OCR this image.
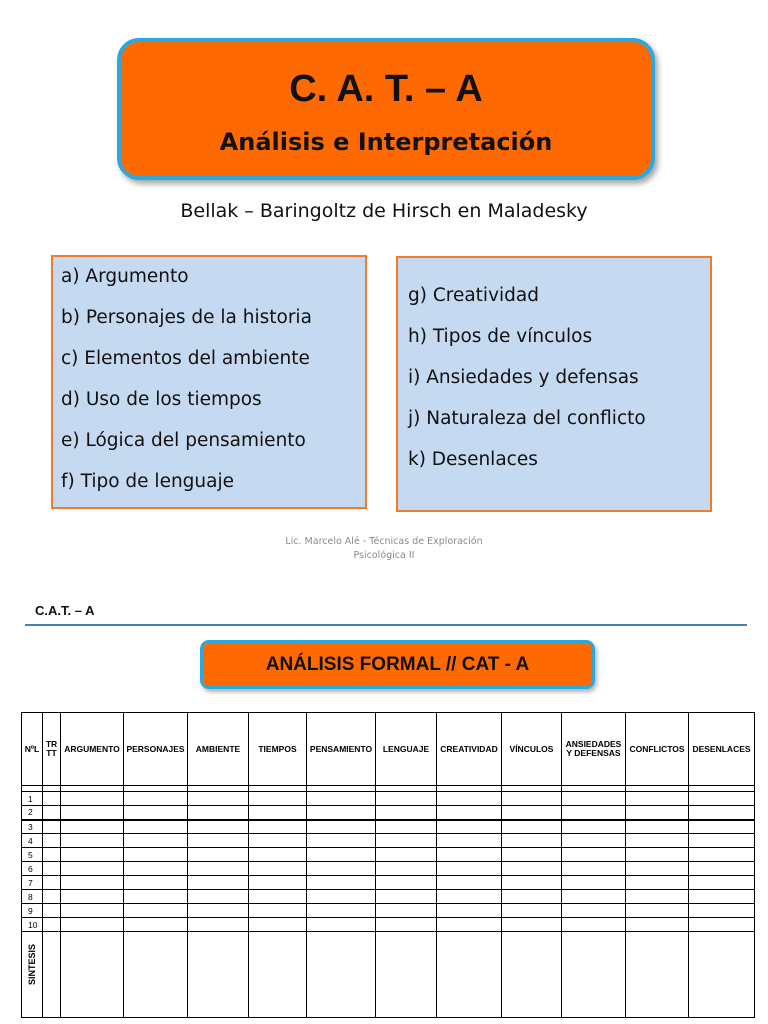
C. A. T. – A
Análisis e Interpretación
Bellak – Baringoltz de Hirsch en Maladesky
a) Argumento
b) Personajes de la historia
c) Elementos del ambiente
d) Uso de los tiempos
e) Lógica del pensamiento
f) Tipo de lenguaje
g) Creatividad
h) Tipos de vínculos
i) Ansiedades y defensas
j) Naturaleza del conflicto
k) Desenlaces
Lic. Marcelo Alé - Técnicas de Exploración
Psicológica II
C.A.T. – A
ANÁLISIS FORMAL // CAT - A
NºL	TR TT	ARGUMENTO	PERSONAJES	AMBIENTE	TIEMPOS	PENSAMIENTO	LENGUAJE	CREATIVIDAD	VÍNCULOS	ANSIEDADES Y DEFENSAS	CONFLICTOS	DESENLACES

1												
2												
3												
4												
5												
6												
7												
8												
9												
10												

SINTESIS												
